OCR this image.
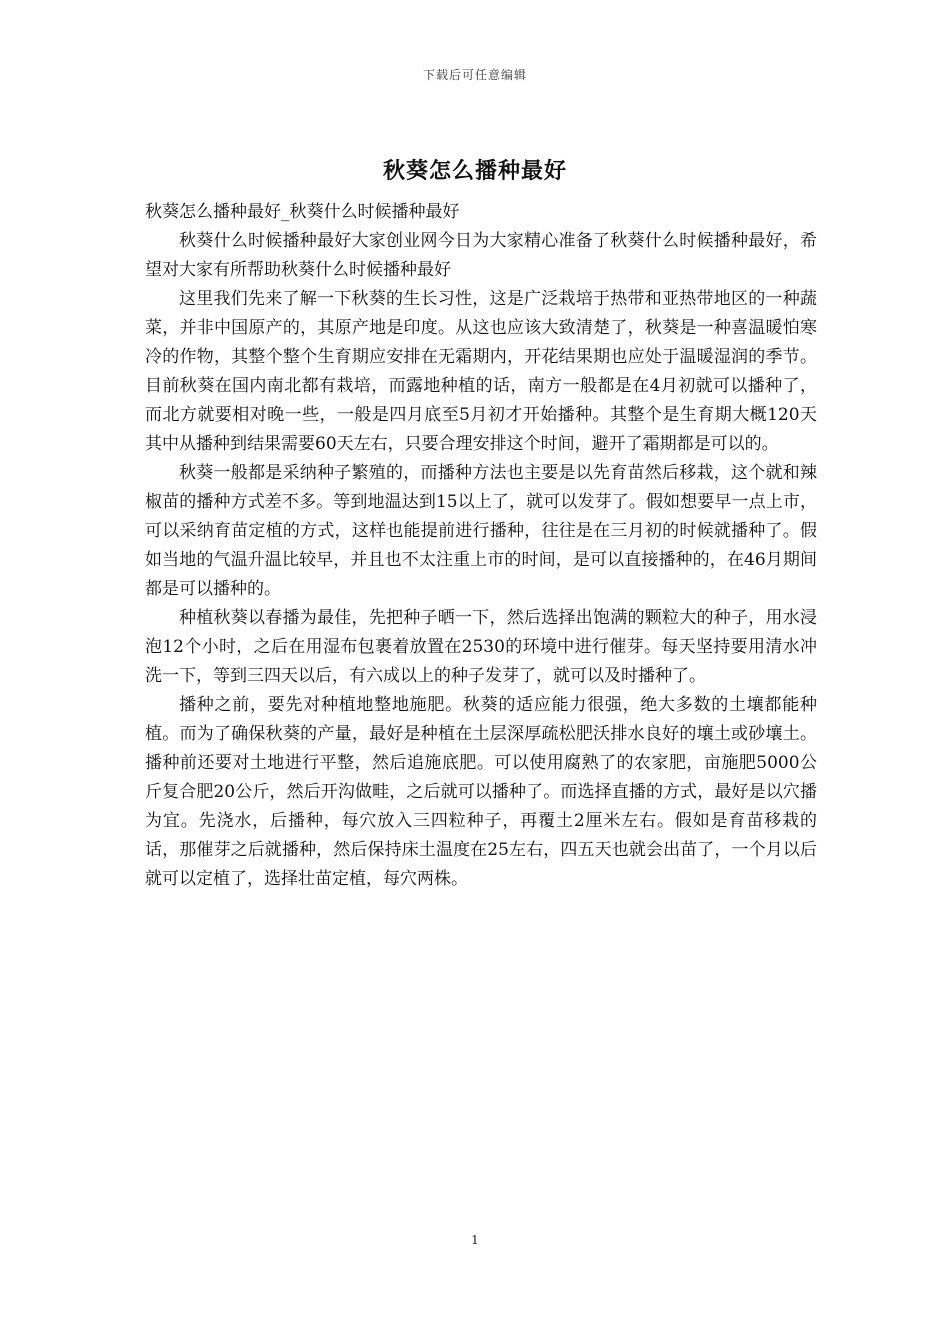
下载后可任意编辑
秋葵怎么播种最好

秋葵怎么播种最好_秋葵什么时候播种最好

秋葵什么时候播种最好大家创业网今日为大家精心准备了秋葵什么时候播种最好，希望对大家有所帮助秋葵什么时候播种最好

这里我们先来了解一下秋葵的生长习性，这是广泛栽培于热带和亚热带地区的一种蔬菜，并非中国原产的，其原产地是印度。从这也应该大致清楚了，秋葵是一种喜温暖怕寒冷的作物，其整个整个生育期应安排在无霜期内，开花结果期也应处于温暖湿润的季节。目前秋葵在国内南北都有栽培，而露地种植的话，南方一般都是在4月初就可以播种了，而北方就要相对晚一些，一般是四月底至5月初才开始播种。其整个是生育期大概120天其中从播种到结果需要60天左右，只要合理安排这个时间，避开了霜期都是可以的。

秋葵一般都是采纳种子繁殖的，而播种方法也主要是以先育苗然后移栽，这个就和辣椒苗的播种方式差不多。等到地温达到15以上了，就可以发芽了。假如想要早一点上市，可以采纳育苗定植的方式，这样也能提前进行播种，往往是在三月初的时候就播种了。假如当地的气温升温比较早，并且也不太注重上市的时间，是可以直接播种的，在46月期间都是可以播种的。

种植秋葵以春播为最佳，先把种子晒一下，然后选择出饱满的颗粒大的种子，用水浸泡12个小时，之后在用湿布包裹着放置在2530的环境中进行催芽。每天坚持要用清水冲洗一下，等到三四天以后，有六成以上的种子发芽了，就可以及时播种了。

播种之前，要先对种植地整地施肥。秋葵的适应能力很强，绝大多数的土壤都能种植。而为了确保秋葵的产量，最好是种植在土层深厚疏松肥沃排水良好的壤土或砂壤土。播种前还要对土地进行平整，然后追施底肥。可以使用腐熟了的农家肥，亩施肥5000公斤复合肥20公斤，然后开沟做畦，之后就可以播种了。而选择直播的方式，最好是以穴播为宜。先浇水，后播种，每穴放入三四粒种子，再覆土2厘米左右。假如是育苗移栽的话，那催芽之后就播种，然后保持床土温度在25左右，四五天也就会出苗了，一个月以后就可以定植了，选择壮苗定植，每穴两株。

1
